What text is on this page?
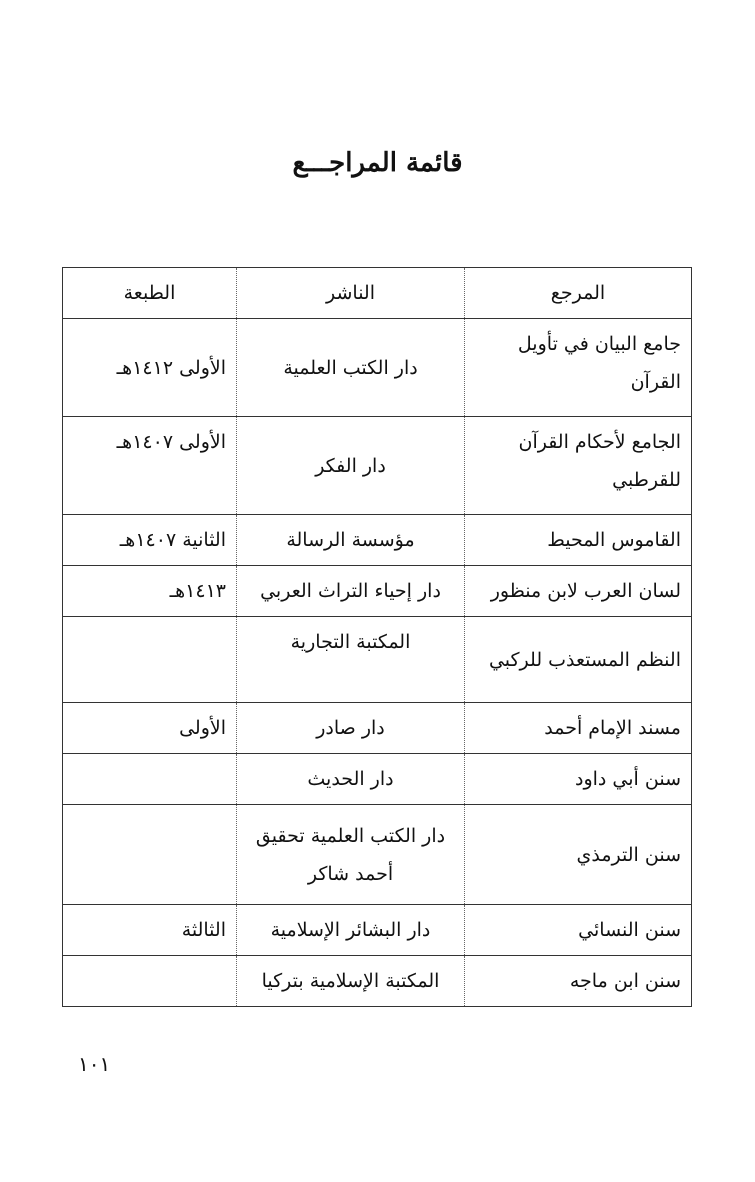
قائمة المراجـــع
المرجع	الناشر	الطبعة
جامع البيان في تأويل القرآن	دار الكتب العلمية	الأولى ١٤١٢هـ
الجامع لأحكام القرآن للقرطبي	دار الفكر	الأولى ١٤٠٧هـ
القاموس المحيط	مؤسسة الرسالة	الثانية ١٤٠٧هـ
لسان العرب لابن منظور	دار إحياء التراث العربي	١٤١٣هـ
النظم المستعذب للركبي	المكتبة التجارية	
مسند الإمام أحمد	دار صادر	الأولى
سنن أبي داود	دار الحديث	
سنن الترمذي	دار الكتب العلمية تحقيق أحمد شاكر	
سنن النسائي	دار البشائر الإسلامية	الثالثة
سنن ابن ماجه	المكتبة الإسلامية بتركيا	
١٠١
